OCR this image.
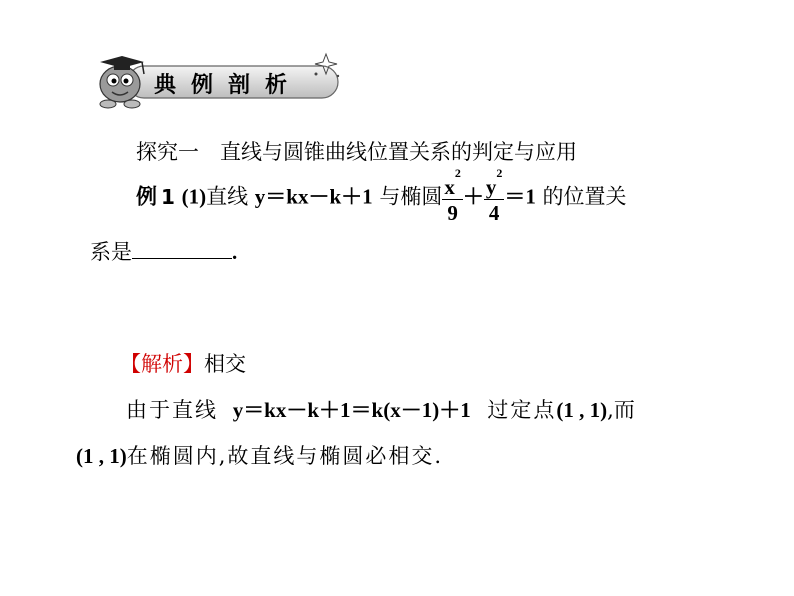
典例剖析
探究一　直线与圆锥曲线位置关系的判定与应用
例 1 (1)直线 y＝kx－k＋1 与椭圆 $\frac{x^2}{9} + \frac{y^2}{4} =1$ 的位置关
系是	.
【解析】相交
由于直线 y＝kx－k＋1＝k(x－1)＋1 过定点(1 , 1),而
(1 , 1)在椭圆内,故直线与椭圆必相交.
